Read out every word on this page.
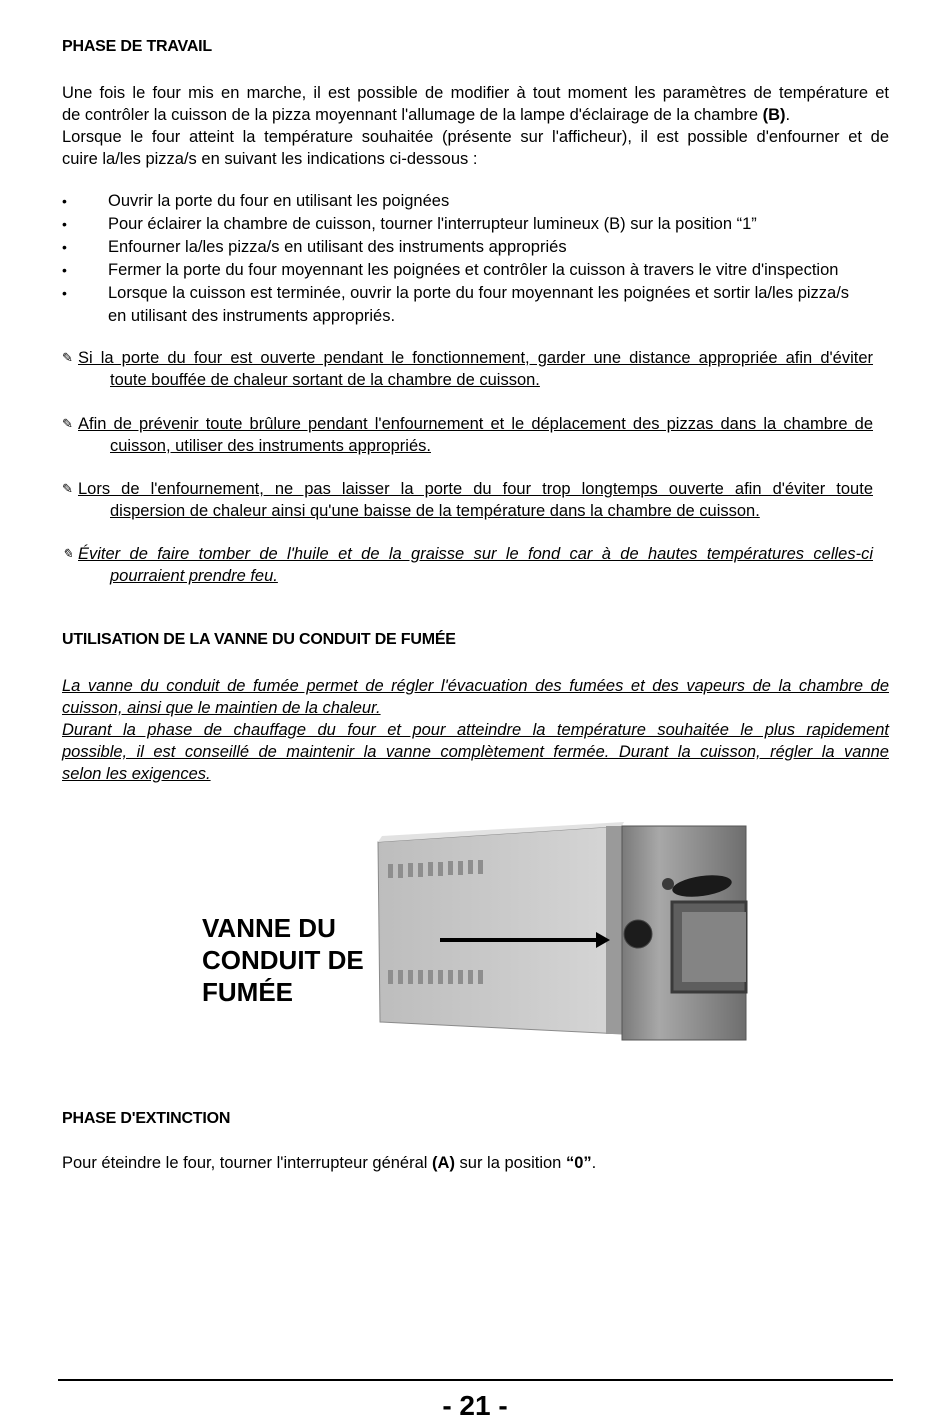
PHASE DE TRAVAIL
Une fois le four mis en marche, il est possible de modifier à tout moment les paramètres de température et
de contrôler la cuisson de la pizza moyennant l'allumage de la lampe d'éclairage de la chambre (B).
Lorsque le four atteint la température souhaitée (présente sur l'afficheur), il est possible d'enfourner et de
cuire la/les pizza/s en suivant les indications ci-dessous :
• Ouvrir la porte du four en utilisant les poignées
• Pour éclairer la chambre de cuisson, tourner l'interrupteur lumineux (B) sur la position “1”
• Enfourner la/les pizza/s en utilisant des instruments appropriés
• Fermer la porte du four moyennant les poignées et contrôler la cuisson à travers le vitre d'inspection
• Lorsque la cuisson est terminée, ouvrir la porte du four moyennant les poignées et sortir la/les pizza/s
en utilisant des instruments appropriés.
✎ Si la porte du four est ouverte pendant le fonctionnement, garder une distance appropriée afin d'éviter
toute bouffée de chaleur sortant de la chambre de cuisson.
✎ Afin de prévenir toute brûlure pendant l'enfournement et le déplacement des pizzas dans la chambre de
cuisson, utiliser des instruments appropriés.
✎ Lors de l'enfournement, ne pas laisser la porte du four trop longtemps ouverte afin d'éviter toute
dispersion de chaleur ainsi qu'une baisse de la température dans la chambre de cuisson.
✎ Éviter de faire tomber de l'huile et de la graisse sur le fond car à de hautes températures celles-ci
pourraient prendre feu.
UTILISATION DE LA VANNE DU CONDUIT DE FUMÉE
La vanne du conduit de fumée permet de régler l'évacuation des fumées et des vapeurs de la chambre de
cuisson, ainsi que le maintien de la chaleur.
Durant la phase de chauffage du four et pour atteindre la température souhaitée le plus rapidement
possible, il est conseillé de maintenir la vanne complètement fermée. Durant la cuisson, régler la vanne
selon les exigences.
VANNE DU
CONDUIT DE
FUMÉE
PHASE D'EXTINCTION
Pour éteindre le four, tourner l'interrupteur général (A) sur la position “0”.
- 21 -
